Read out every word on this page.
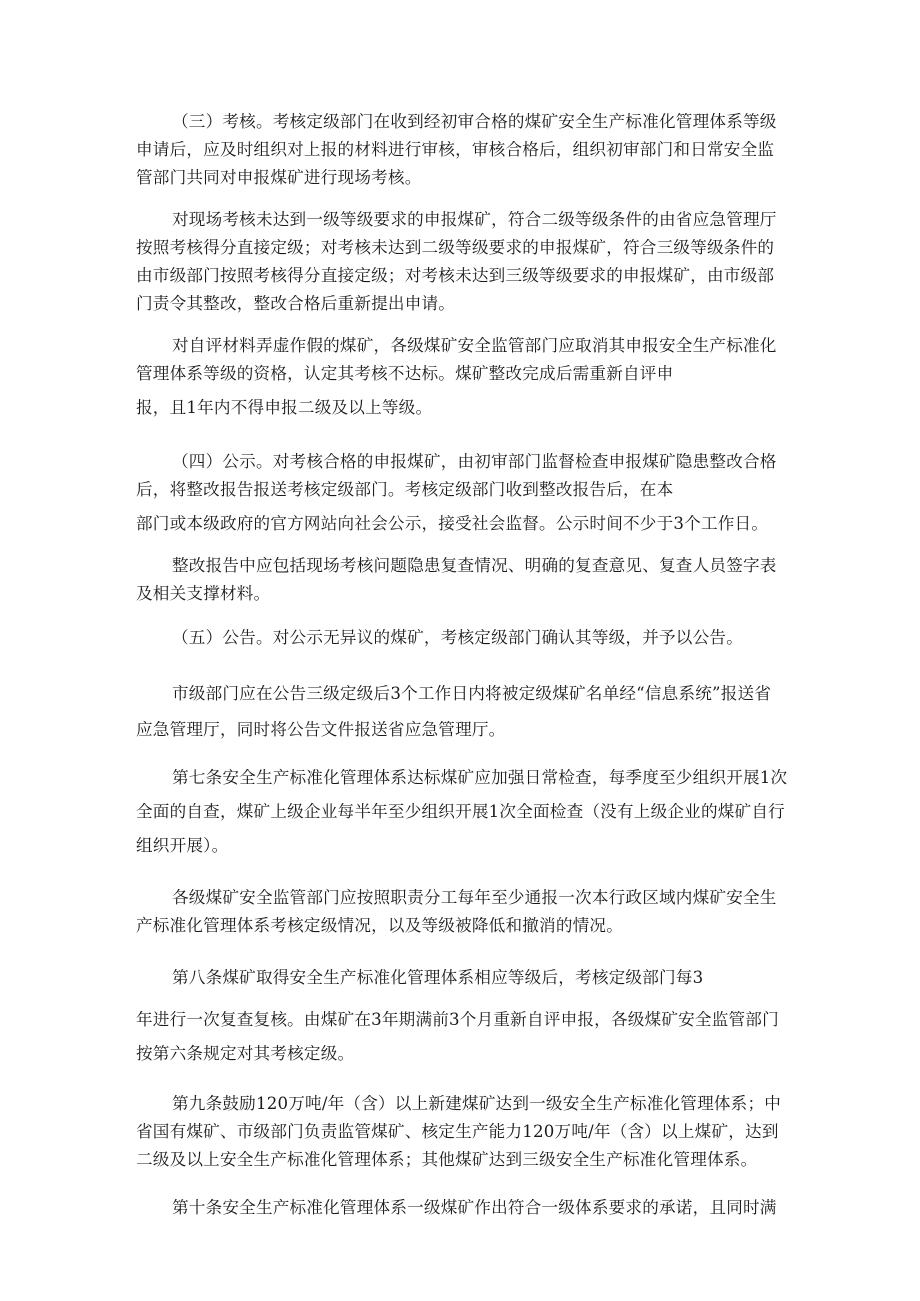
（三）考核。考核定级部门在收到经初审合格的煤矿安全生产标准化管理体系等级
申请后，应及时组织对上报的材料进行审核，审核合格后，组织初审部门和日常安全监
管部门共同对申报煤矿进行现场考核。
对现场考核未达到一级等级要求的申报煤矿，符合二级等级条件的由省应急管理厅
按照考核得分直接定级；对考核未达到二级等级要求的申报煤矿，符合三级等级条件的
由市级部门按照考核得分直接定级；对考核未达到三级等级要求的申报煤矿，由市级部
门责令其整改，整改合格后重新提出申请。
对自评材料弄虚作假的煤矿，各级煤矿安全监管部门应取消其申报安全生产标准化
管理体系等级的资格，认定其考核不达标。煤矿整改完成后需重新自评申
报，且1年内不得申报二级及以上等级。
（四）公示。对考核合格的申报煤矿，由初审部门监督检查申报煤矿隐患整改合格
后，将整改报告报送考核定级部门。考核定级部门收到整改报告后，在本
部门或本级政府的官方网站向社会公示，接受社会监督。公示时间不少于3个工作日。
整改报告中应包括现场考核问题隐患复查情况、明确的复查意见、复查人员签字表
及相关支撑材料。
（五）公告。对公示无异议的煤矿，考核定级部门确认其等级，并予以公告。
市级部门应在公告三级定级后3个工作日内将被定级煤矿名单经“信息系统”报送省
应急管理厅，同时将公告文件报送省应急管理厅。
第七条安全生产标准化管理体系达标煤矿应加强日常检查，每季度至少组织开展1次
全面的自查，煤矿上级企业每半年至少组织开展1次全面检查（没有上级企业的煤矿自行
组织开展）。
各级煤矿安全监管部门应按照职责分工每年至少通报一次本行政区域内煤矿安全生
产标准化管理体系考核定级情况，以及等级被降低和撤消的情况。
第八条煤矿取得安全生产标准化管理体系相应等级后，考核定级部门每3
年进行一次复查复核。由煤矿在3年期满前3个月重新自评申报，各级煤矿安全监管部门
按第六条规定对其考核定级。
第九条鼓励120万吨/年（含）以上新建煤矿达到一级安全生产标准化管理体系；中
省国有煤矿、市级部门负责监管煤矿、核定生产能力120万吨/年（含）以上煤矿，达到
二级及以上安全生产标准化管理体系；其他煤矿达到三级安全生产标准化管理体系。
第十条安全生产标准化管理体系一级煤矿作出符合一级体系要求的承诺，且同时满
